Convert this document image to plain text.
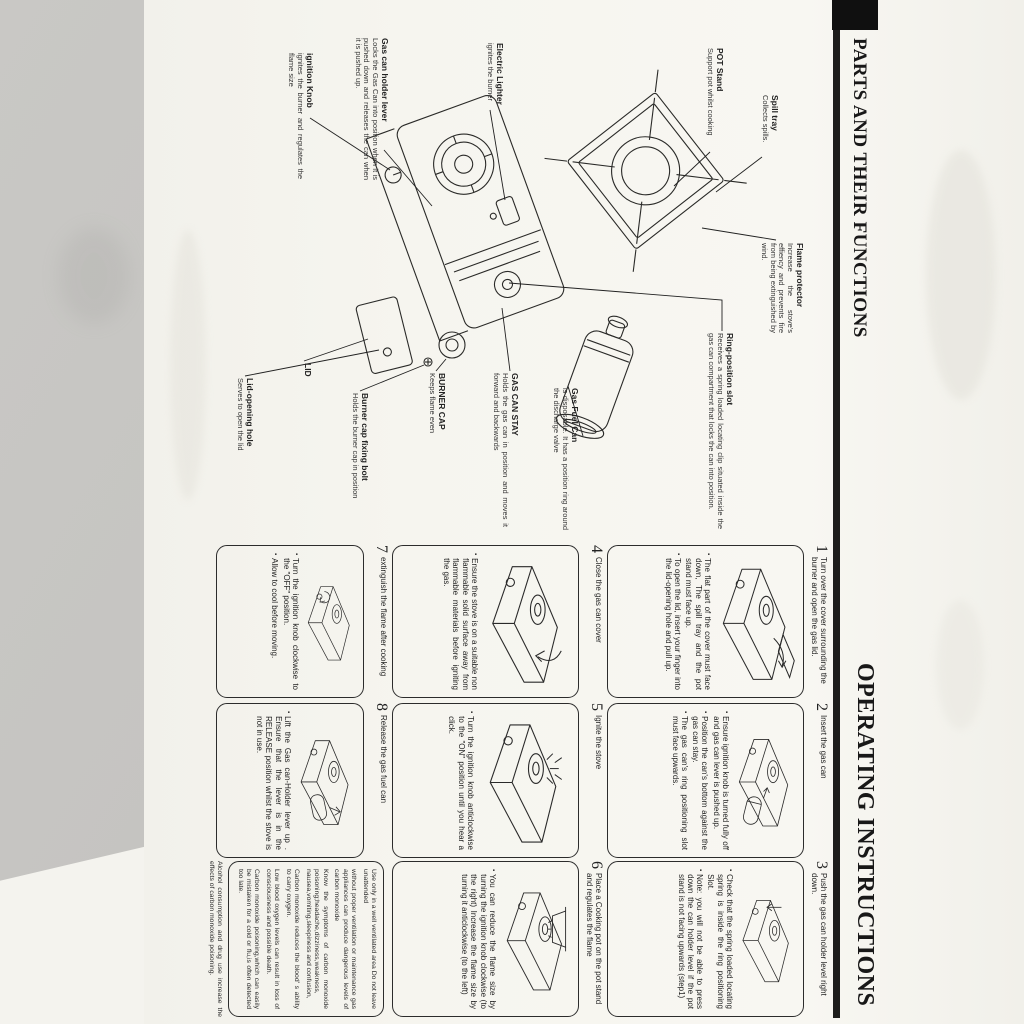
PARTS AND THEIR FUNCTIONS
OPERATING INSTRUCTIONS
POT Stand
Support pot whilst cooking	Spill tray
Collects spills.
Electric Lighter
ignites the burner
Gas can holder lever
Locks the Gas Can into position when it is pushed down and releases the can when it is pushed up.
ignition Knob
ignites the burner and regulates the flame size
Flame protector
Increase the stove's effiency and prevents fire from being extinguished by wind.
Ring-position slot
Receives a spring loaded locating clip situated inside the gas can compartment that locks the can into position.
Gas Fuel Can
is disposable. It has a position ring around the discharge valve
LID
Lid-opening hole
Serves to open the lid	Burner cap fixing bolt
Holds the burner cap in position	BURNER CAP
Keeps flame even	GAS CAN STAY
Holds the gas can in position and moves it forward and backwards
1
Turn over the cover surrounding the burner and open the gas lid.
▪
The flat part of the cover must face down, The spill tray and the pot stand must face up.
▪
To open the lid, insert your finger into the lid-opening hole and pull up.
2
Insert the gas can
▪
Ensure ignition knob is turned fully off and gas can lever is pushed up.
▪
Position the can's bottom against the gas can stay.
▪
The gas can's ring positioning slot must face upwards.
3
Push the gas can holder level right down.
▪
Check that the spring loaded locating spring is inside the ring positioning Slot.
▪
Note: you will not be able to press down the can holder level if the pot stand is not facing upwards (step1)
4
Close the gas can cover
▪
Ensure the stove is on a suitable non flammable solid surface away from flammable materials before igniting the gas.
5
Ignite the stove
▪
Turn the ignition knob anticlockwise to the "ON" position until you hear a click.
6
Place a Cooking pot on the pot stand and regulates the flame
▪
You can reduce the flame size by turning the ignition knob clockwise (to the right) Increase the flame size by turning it anticlockwise (to the left)
7
extinguish the flame after cooking
▪
Turn the ignition knob clockwise to the "OFF" position.
▪
Allow to cool before moving.
8
Release the gas fuel can
▪
Lift the Gas can-Holder lever up . Ensure that the lever is in the RELEASE position whilst the stove is not in use.

Use only in a well ventilated area Do not leave unattended

without proper ventilation or maintenance gas appliances can produce dangerous levels of carbon monoxide

Know the symptoms of carbon monoxide poisoning;headache,dizziness,weakness, nausea,vomiting,sleepiness and confusion,

Carbon monoxide reduces the blood' s ability to carry oxygen.

Low blood oxygen levels can result in loss of consciousness and possible death.

Carbon monoxide poisoning,which can easily be mistaken for a cold or flu,is often detected too late.

Alcohol consumption and drug use increase the effects of carbon monoxide poisoning.
